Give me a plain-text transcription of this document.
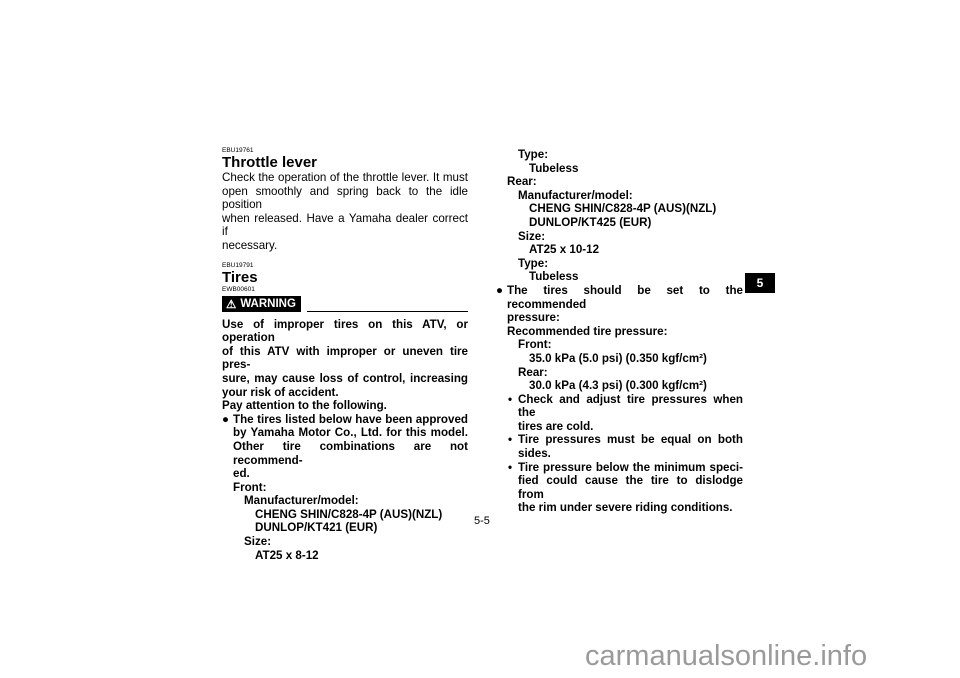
EBU19761
Throttle lever
Check the operation of the throttle lever. It must
open smoothly and spring back to the idle position
when released. Have a Yamaha dealer correct if
necessary.
EBU19791
Tires
EWB00601
⚠ WARNING
Use of improper tires on this ATV, or operation
of this ATV with improper or uneven tire pres-
sure, may cause loss of control, increasing
your risk of accident.
Pay attention to the following.
● The tires listed below have been approved
by Yamaha Motor Co., Ltd. for this model.
Other tire combinations are not recommend-
ed.
Front:
Manufacturer/model:
CHENG SHIN/C828-4P (AUS)(NZL)
DUNLOP/KT421 (EUR)
Size:
AT25 x 8-12
Type:
Tubeless
Rear:
Manufacturer/model:
CHENG SHIN/C828-4P (AUS)(NZL)
DUNLOP/KT425 (EUR)
Size:
AT25 x 10-12
Type:
Tubeless
● The tires should be set to the recommended
pressure:
Recommended tire pressure:
Front:
35.0 kPa (5.0 psi) (0.350 kgf/cm²)
Rear:
30.0 kPa (4.3 psi) (0.300 kgf/cm²)
• Check and adjust tire pressures when the
tires are cold.
• Tire pressures must be equal on both
sides.
• Tire pressure below the minimum speci-
fied could cause the tire to dislodge from
the rim under severe riding conditions.
5
5-5
carmanualsonline.info
